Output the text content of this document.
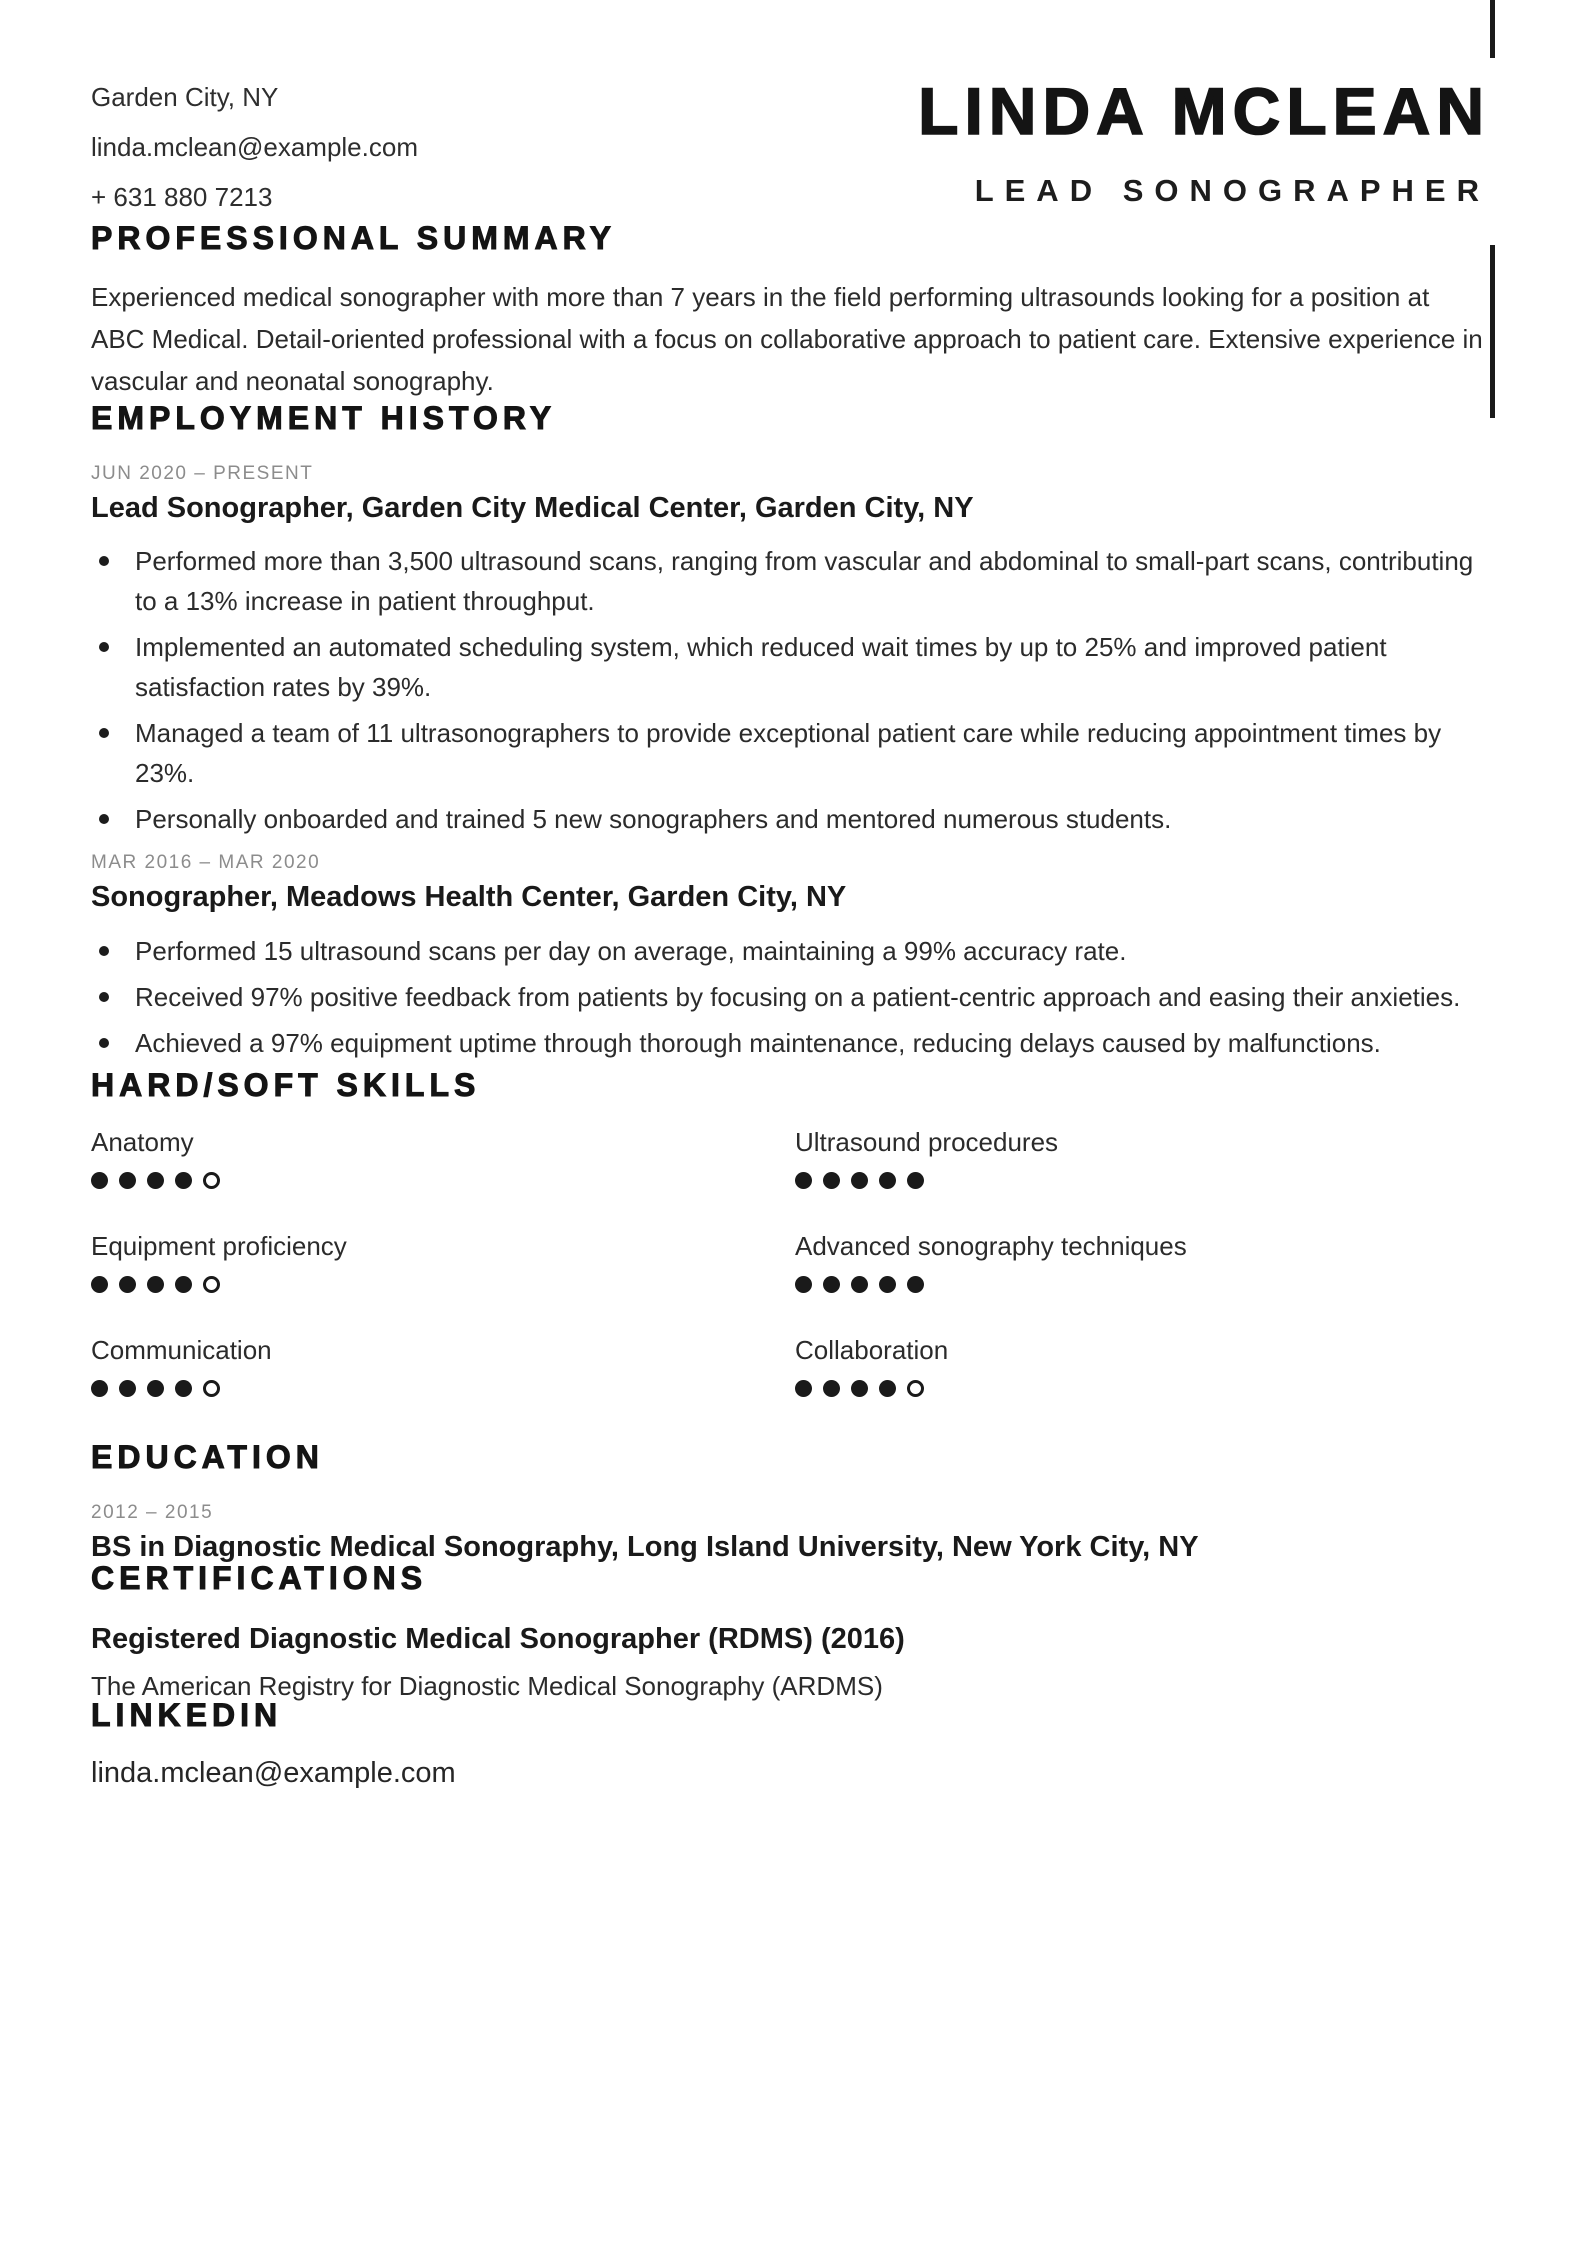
Garden City, NY
linda.mclean@example.com
+ 631 880 7213
LINDA MCLEAN
LEAD SONOGRAPHER
PROFESSIONAL SUMMARY

Experienced medical sonographer with more than 7 years in the field performing ultrasounds looking for a position at ABC Medical. Detail-oriented professional with a focus on collaborative approach to patient care. Extensive experience in vascular and neonatal sonography.

EMPLOYMENT HISTORY
JUN 2020 – PRESENT
Lead Sonographer, Garden City Medical Center, Garden City, NY
Performed more than 3,500 ultrasound scans, ranging from vascular and abdominal to small-part scans, contributing to a 13% increase in patient throughput.
Implemented an automated scheduling system, which reduced wait times by up to 25% and improved patient satisfaction rates by 39%.
Managed a team of 11 ultrasonographers to provide exceptional patient care while reducing appointment times by 23%.
Personally onboarded and trained 5 new sonographers and mentored numerous students.
MAR 2016 – MAR 2020
Sonographer, Meadows Health Center, Garden City, NY
Performed 15 ultrasound scans per day on average, maintaining a 99% accuracy rate.
Received 97% positive feedback from patients by focusing on a patient-centric approach and easing their anxieties.
Achieved a 97% equipment uptime through thorough maintenance, reducing delays caused by malfunctions.
HARD/SOFT SKILLS
Anatomy	Ultrasound procedures
Equipment proficiency	Advanced sonography techniques
Communication	Collaboration
EDUCATION
2012 – 2015
BS in Diagnostic Medical Sonography, Long Island University, New York City, NY
CERTIFICATIONS
Registered Diagnostic Medical Sonographer (RDMS) (2016)
The American Registry for Diagnostic Medical Sonography (ARDMS)
LINKEDIN
linda.mclean@example.com
